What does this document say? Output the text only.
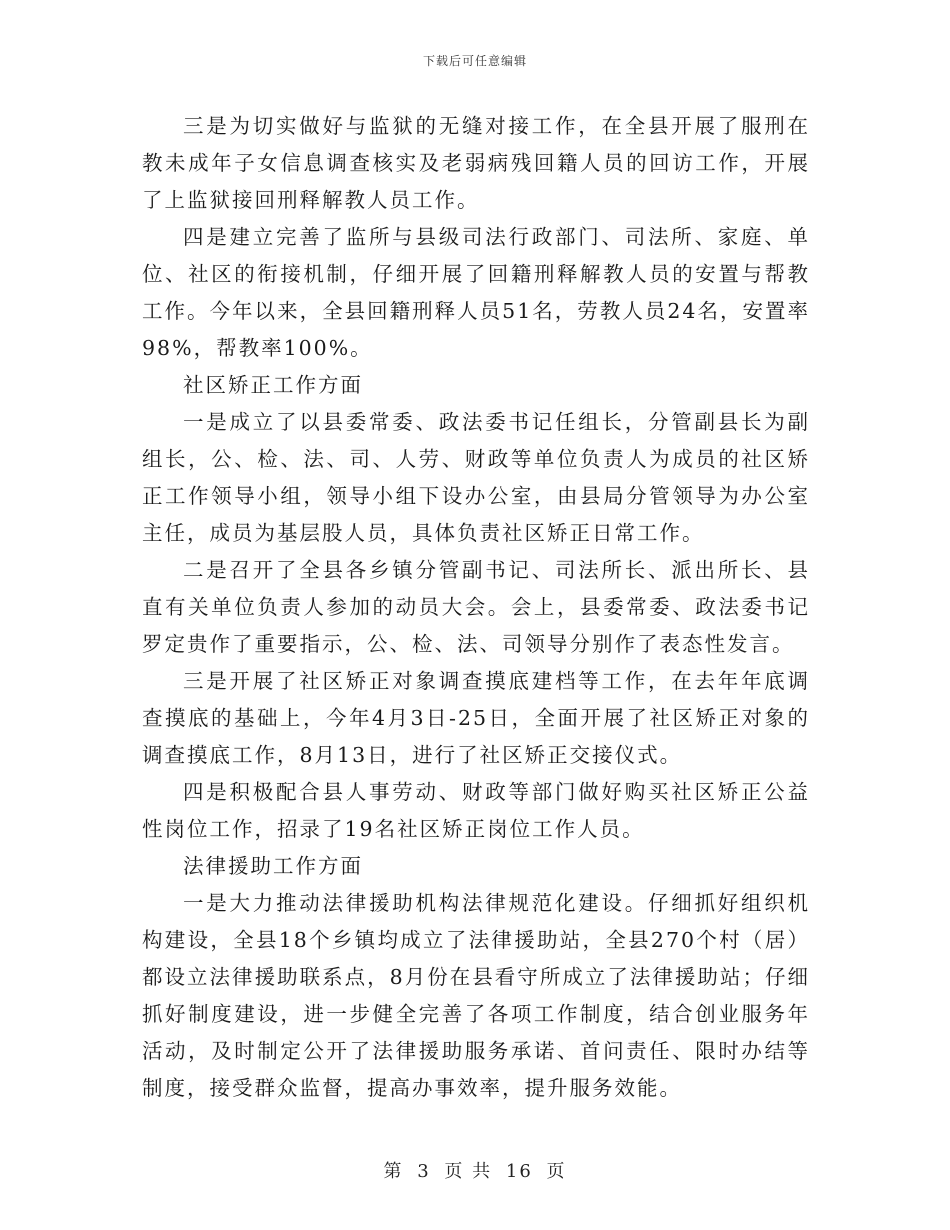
下载后可任意编辑

三是为切实做好与监狱的无缝对接工作，在全县开展了服刑在教未成年子女信息调查核实及老弱病残回籍人员的回访工作，开展了上监狱接回刑释解教人员工作。

四是建立完善了监所与县级司法行政部门、司法所、家庭、单位、社区的衔接机制，仔细开展了回籍刑释解教人员的安置与帮教工作。今年以来，全县回籍刑释人员51名，劳教人员24名，安置率98%，帮教率100%。

社区矫正工作方面

一是成立了以县委常委、政法委书记任组长，分管副县长为副组长，公、检、法、司、人劳、财政等单位负责人为成员的社区矫正工作领导小组，领导小组下设办公室，由县局分管领导为办公室主任，成员为基层股人员，具体负责社区矫正日常工作。

二是召开了全县各乡镇分管副书记、司法所长、派出所长、县直有关单位负责人参加的动员大会。会上，县委常委、政法委书记罗定贵作了重要指示，公、检、法、司领导分别作了表态性发言。

三是开展了社区矫正对象调查摸底建档等工作，在去年年底调查摸底的基础上，今年4月3日-25日，全面开展了社区矫正对象的调查摸底工作，8月13日，进行了社区矫正交接仪式。

四是积极配合县人事劳动、财政等部门做好购买社区矫正公益性岗位工作，招录了19名社区矫正岗位工作人员。

法律援助工作方面

一是大力推动法律援助机构法律规范化建设。仔细抓好组织机构建设，全县18个乡镇均成立了法律援助站，全县270个村（居）都设立法律援助联系点，8月份在县看守所成立了法律援助站；仔细抓好制度建设，进一步健全完善了各项工作制度，结合创业服务年活动，及时制定公开了法律援助服务承诺、首问责任、限时办结等制度，接受群众监督，提高办事效率，提升服务效能。

第 3 页 共 16 页
